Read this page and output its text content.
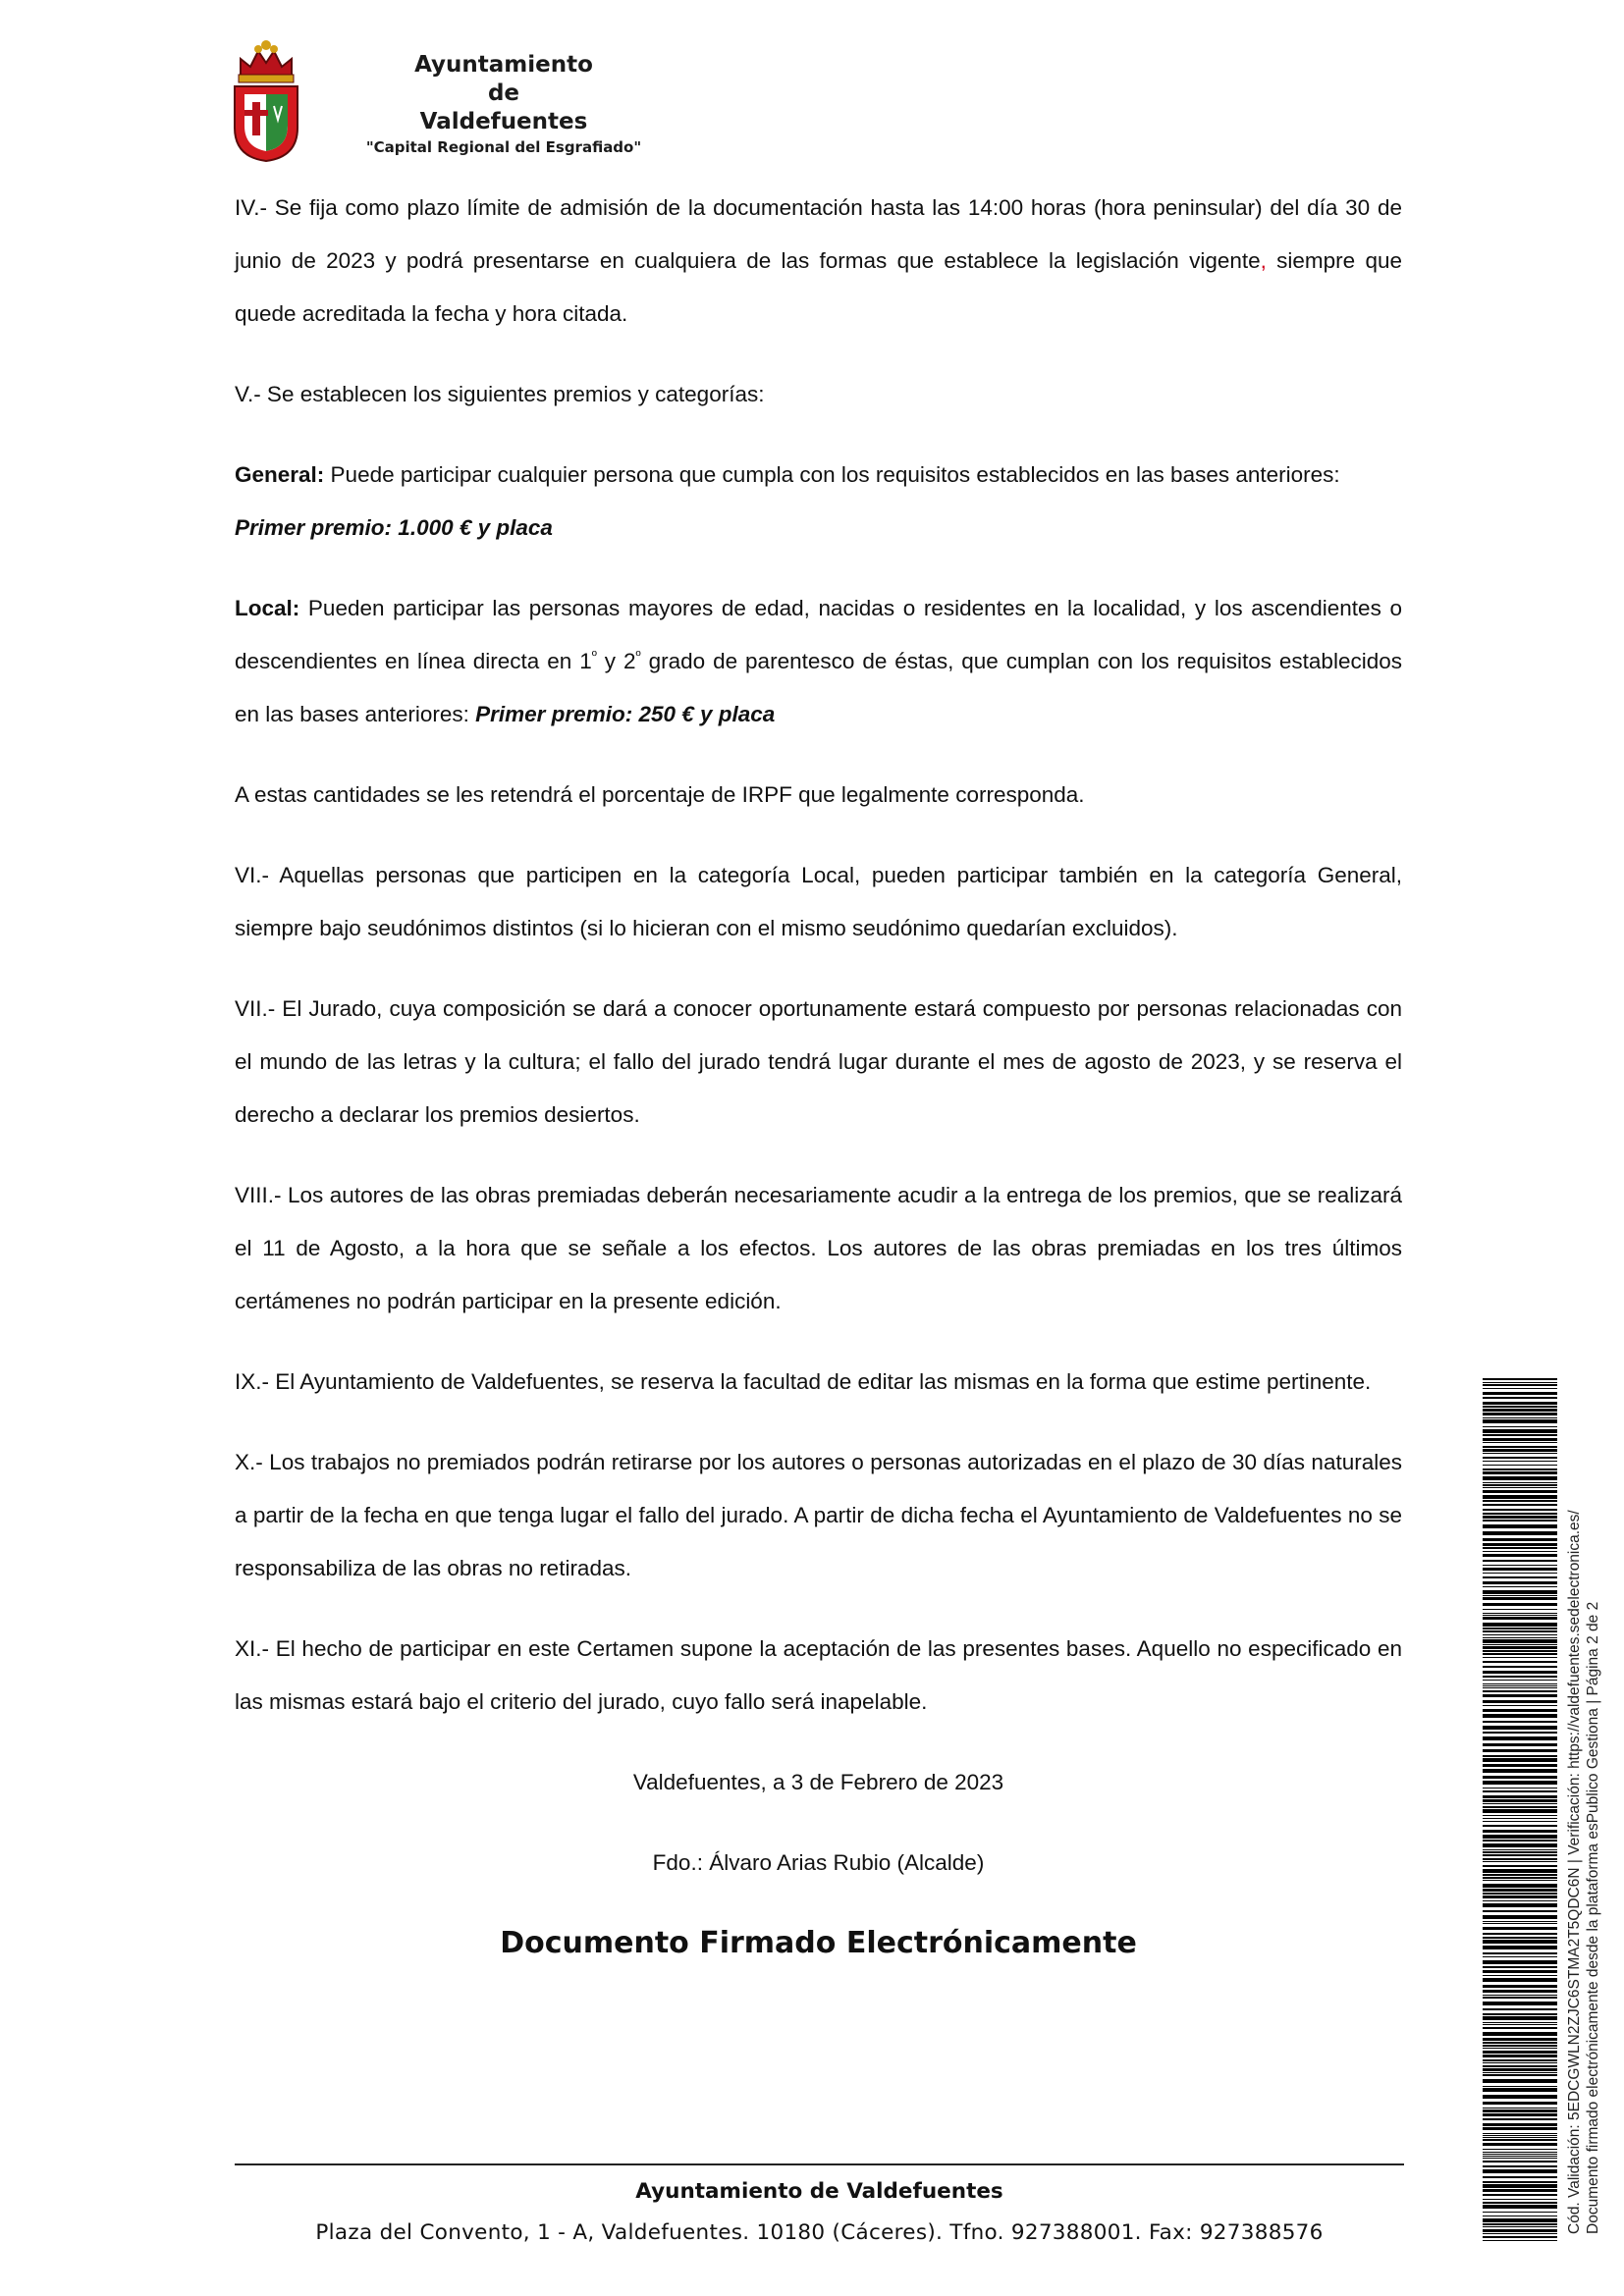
Ayuntamiento
de
Valdefuentes
"Capital Regional del Esgrafiado"

IV.- Se fija como plazo límite de admisión de la documentación hasta las 14:00 horas (hora peninsular) del día 30 de junio de 2023 y podrá presentarse en cualquiera de las formas que establece la legislación vigente, siempre que quede acreditada la fecha y hora citada.

V.- Se establecen los siguientes premios y categorías:

General: Puede participar cualquier persona que cumpla con los requisitos establecidos en las bases anteriores:
Primer premio: 1.000 € y placa

Local: Pueden participar las personas mayores de edad, nacidas o residentes en la localidad, y los ascendientes o descendientes en línea directa en $1^º$ y $2^º$ grado de parentesco de éstas, que cumplan con los requisitos establecidos en las bases anteriores: Primer premio: 250 € y placa

A estas cantidades se les retendrá el porcentaje de IRPF que legalmente corresponda.

VI.- Aquellas personas que participen en la categoría Local, pueden participar también en la categoría General, siempre bajo seudónimos distintos (si lo hicieran con el mismo seudónimo quedarían excluidos).

VII.- El Jurado, cuya composición se dará a conocer oportunamente estará compuesto por personas relacionadas con el mundo de las letras y la cultura; el fallo del jurado tendrá lugar durante el mes de agosto de 2023, y se reserva el derecho a declarar los premios desiertos.

VIII.- Los autores de las obras premiadas deberán necesariamente acudir a la entrega de los premios, que se realizará el 11 de Agosto, a la hora que se señale a los efectos. Los autores de las obras premiadas en los tres últimos certámenes no podrán participar en la presente edición.

IX.- El Ayuntamiento de Valdefuentes, se reserva la facultad de editar las mismas en la forma que estime pertinente.

X.- Los trabajos no premiados podrán retirarse por los autores o personas autorizadas en el plazo de 30 días naturales a partir de la fecha en que tenga lugar el fallo del jurado. A partir de dicha fecha el Ayuntamiento de Valdefuentes no se responsabiliza de las obras no retiradas.

XI.- El hecho de participar en este Certamen supone la aceptación de las presentes bases. Aquello no especificado en las mismas estará bajo el criterio del jurado, cuyo fallo será inapelable.

Valdefuentes, a 3 de Febrero de 2023

Fdo.: Álvaro Arias Rubio (Alcalde)

Documento Firmado Electrónicamente
Ayuntamiento de Valdefuentes
Plaza del Convento, 1 - A, Valdefuentes. 10180 (Cáceres). Tfno. 927388001. Fax: 927388576	Cód. Validación: 5EDCGWLN2ZJC6STMA2T5QDC6N | Verificación: https://valdefuentes.sedelectronica.es/ Documento firmado electrónicamente desde la plataforma esPublico Gestiona | Página 2 de 2
